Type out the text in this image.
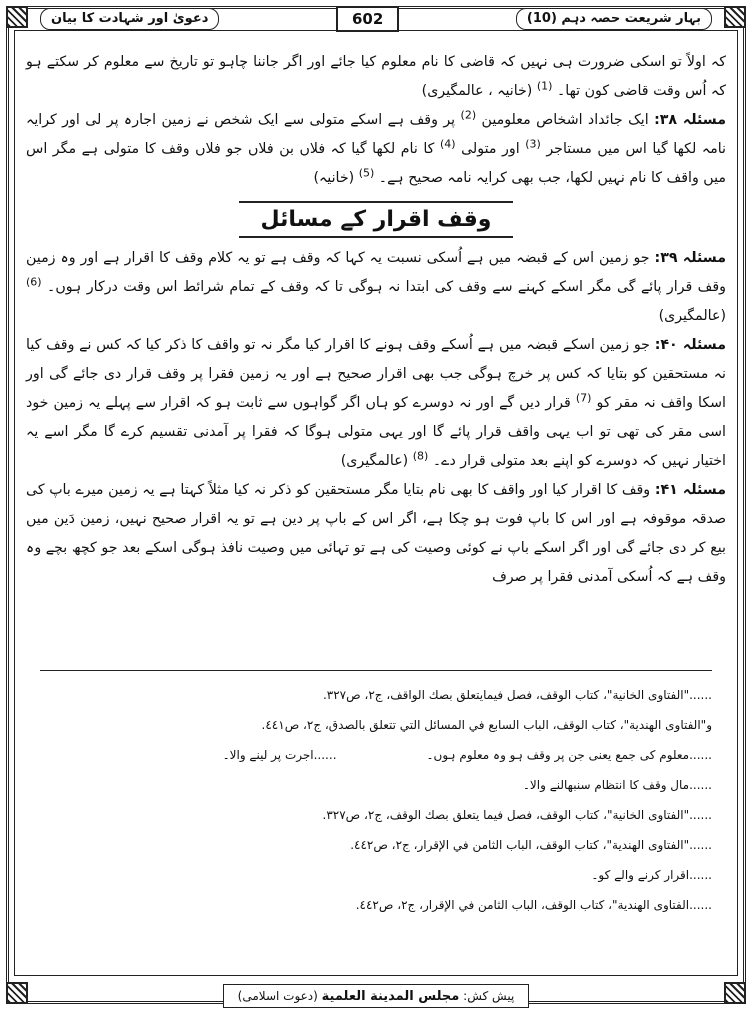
بہار شریعت حصہ دہم (10)
602
دعویٰ اور شہادت کا بیان

کہ اولاً تو اسکی ضرورت ہی نہیں کہ قاضی کا نام معلوم کیا جائے اور اگر جاننا چاہو تو تاریخ سے معلوم کر سکتے ہو کہ اُس وقت قاضی کون تھا۔ $^{(1)}$ (خانیہ ، عالمگیری)

مسئلہ ۳۸: ایک جائداد اشخاص معلومین $^{(2)}$ پر وقف ہے اسکے متولی سے ایک شخص نے زمین اجارہ پر لی اور کرایہ نامہ لکھا گیا اس میں مستاجر $^{(3)}$ اور متولی $^{(4)}$ کا نام لکھا گیا کہ فلاں بن فلاں جو فلاں وقف کا متولی ہے مگر اس میں واقف کا نام نہیں لکھا، جب بھی کرایہ نامہ صحیح ہے۔ $^{(5)}$ (خانیہ)

وقف اقرار کے مسائل

مسئلہ ۳۹: جو زمین اس کے قبضہ میں ہے اُسکی نسبت یہ کہا کہ وقف ہے تو یہ کلام وقف کا اقرار ہے اور وہ زمین وقف قرار پائے گی مگر اسکے کہنے سے وقف کی ابتدا نہ ہوگی تا کہ وقف کے تمام شرائط اس وقت درکار ہوں۔ $^{(6)}$ (عالمگیری)

مسئلہ ۴۰: جو زمین اسکے قبضہ میں ہے اُسکے وقف ہونے کا اقرار کیا مگر نہ تو واقف کا ذکر کیا کہ کس نے وقف کیا نہ مستحقین کو بتایا کہ کس پر خرچ ہوگی جب بھی اقرار صحیح ہے اور یہ زمین فقرا پر وقف قرار دی جائے گی اور اسکا واقف نہ مقر کو $^{(7)}$ قرار دیں گے اور نہ دوسرے کو ہاں اگر گواہوں سے ثابت ہو کہ اقرار سے پہلے یہ زمین خود اسی مقر کی تھی تو اب یہی واقف قرار پائے گا اور یہی متولی ہوگا کہ فقرا پر آمدنی تقسیم کرے گا مگر اسے یہ اختیار نہیں کہ دوسرے کو اپنے بعد متولی قرار دے۔ $^{(8)}$ (عالمگیری)

مسئلہ ۴۱: وقف کا اقرار کیا اور واقف کا بھی نام بتایا مگر مستحقین کو ذکر نہ کیا مثلاً کہتا ہے یہ زمین میرے باپ کی صدقہ موقوفہ ہے اور اس کا باپ فوت ہو چکا ہے، اگر اس کے باپ پر دین ہے تو یہ اقرار صحیح نہیں، زمین دَین میں بیع کر دی جائے گی اور اگر اسکے باپ نے کوئی وصیت کی ہے تو تہائی میں وصیت نافذ ہوگی اسکے بعد جو کچھ بچے وہ وقف ہے کہ اُسکی آمدنی فقرا پر صرف

......"الفتاوى الخانية"، كتاب الوقف، فصل فيمايتعلق بصك الواقف، ج٢، ص٣٢٧.
و"الفتاوى الهندية"، كتاب الوقف، الباب السابع في المسائل التي تتعلق بالصدق، ج٢، ص٤٤١.
......معلوم کی جمع یعنی جن پر وقف ہو وہ معلوم ہوں۔
......اجرت پر لینے والا۔
......مال وقف کا انتظام سنبھالنے والا۔
......"الفتاوى الخانية"، كتاب الوقف، فصل فيما يتعلق بصك الوقف، ج٢، ص٣٢٧.
......"الفتاوى الهندية"، كتاب الوقف، الباب الثامن في الإقرار، ج٢، ص٤٤٢.
......اقرار کرنے والے کو۔
......الفتاوى الهندية"، كتاب الوقف، الباب الثامن في الإقرار، ج٢، ص٤٤٢.
پیش کش: مجلس المدينة العلمية (دعوت اسلامی)
